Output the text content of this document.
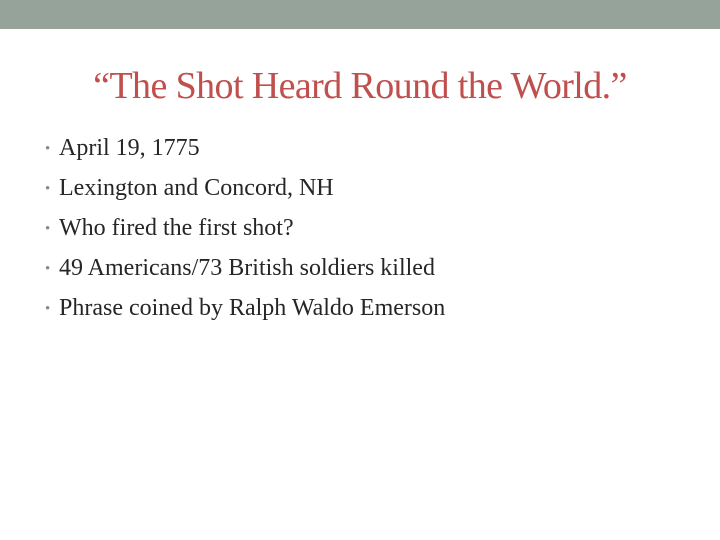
“The Shot Heard Round the World.”
• April 19, 1775
• Lexington and Concord, NH
• Who fired the first shot?
• 49 Americans/73 British soldiers killed
• Phrase coined by Ralph Waldo Emerson
